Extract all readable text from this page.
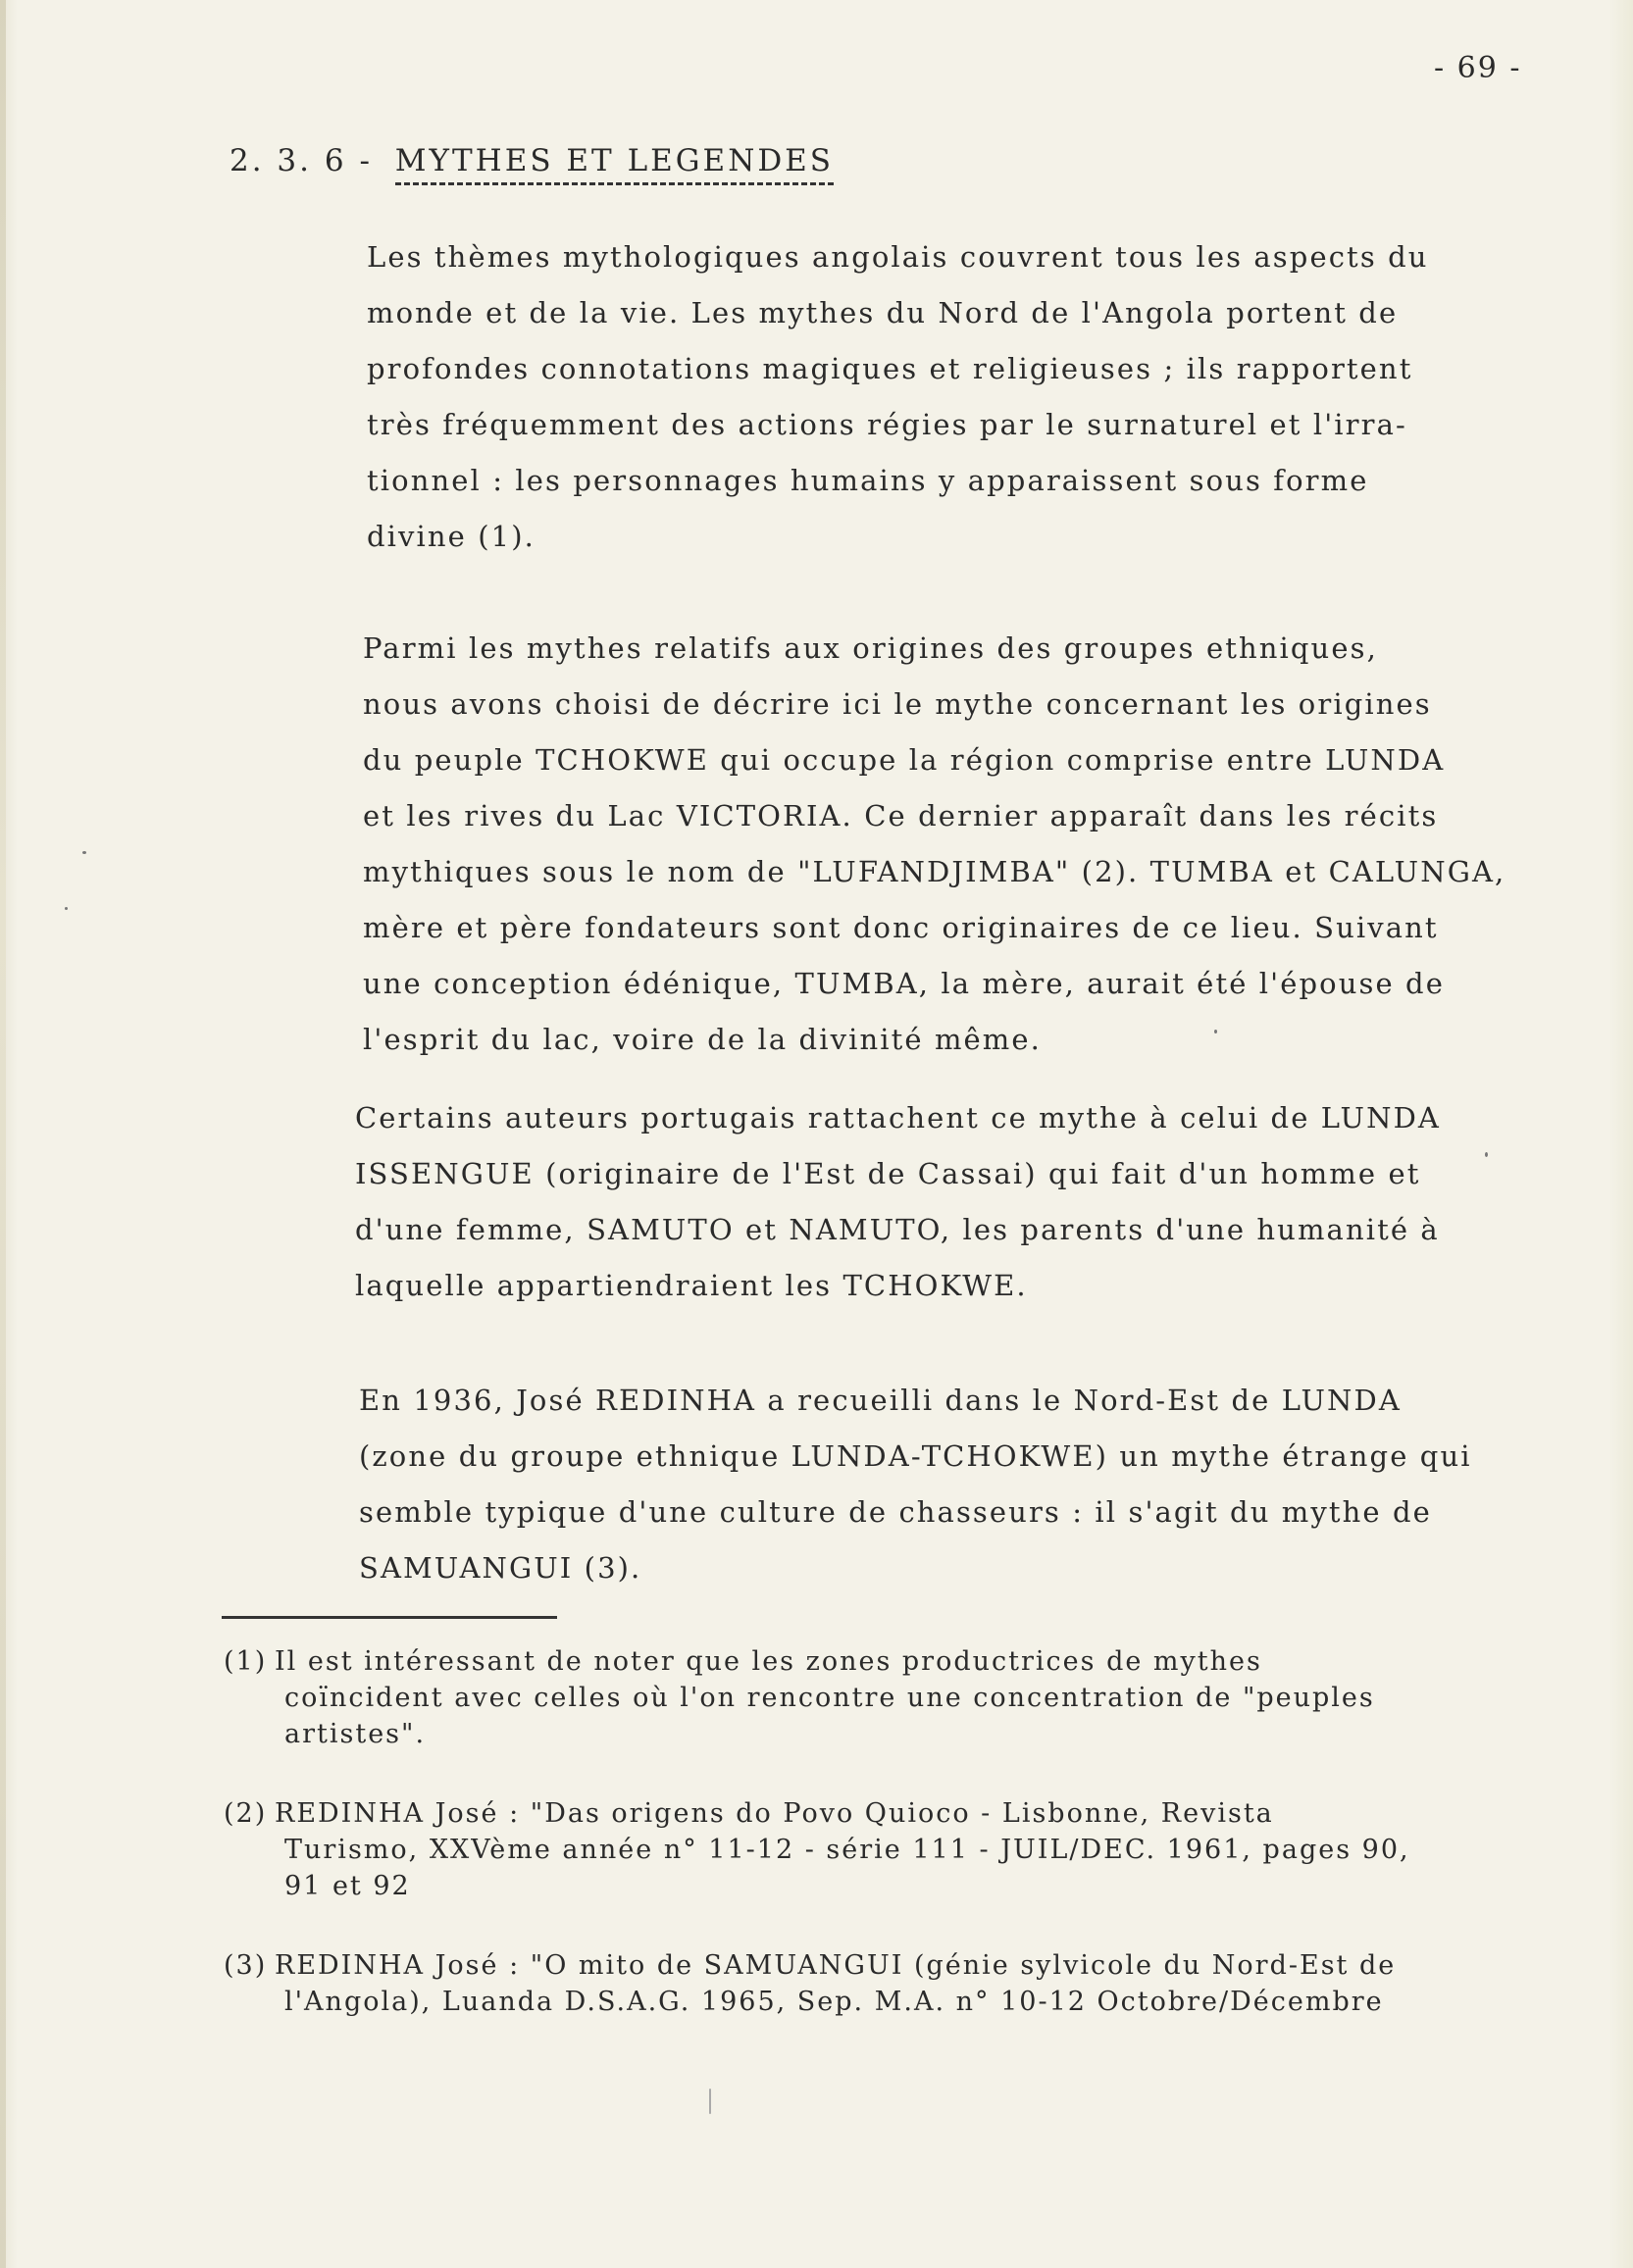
- 69 -
2. 3. 6 - MYTHES ET LEGENDES
Les thèmes mythologiques angolais couvrent tous les aspects du
monde et de la vie. Les mythes du Nord de l'Angola portent de
profondes connotations magiques et religieuses ; ils rapportent
très fréquemment des actions régies par le surnaturel et l'irra-
tionnel : les personnages humains y apparaissent sous forme
divine (1).
Parmi les mythes relatifs aux origines des groupes ethniques,
nous avons choisi de décrire ici le mythe concernant les origines
du peuple TCHOKWE qui occupe la région comprise entre LUNDA
et les rives du Lac VICTORIA. Ce dernier apparaît dans les récits
mythiques sous le nom de "LUFANDJIMBA" (2). TUMBA et CALUNGA,
mère et père fondateurs sont donc originaires de ce lieu. Suivant
une conception édénique, TUMBA, la mère, aurait été l'épouse de
l'esprit du lac, voire de la divinité même.
Certains auteurs portugais rattachent ce mythe à celui de LUNDA
ISSENGUE (originaire de l'Est de Cassai) qui fait d'un homme et
d'une femme, SAMUTO et NAMUTO, les parents d'une humanité à
laquelle appartiendraient les TCHOKWE.
En 1936, José REDINHA a recueilli dans le Nord-Est de LUNDA
(zone du groupe ethnique LUNDA-TCHOKWE) un mythe étrange qui
semble typique d'une culture de chasseurs : il s'agit du mythe de
SAMUANGUI (3).
(1) Il est intéressant de noter que les zones productrices de mythes
coïncident avec celles où l'on rencontre une concentration de "peuples
artistes".
(2) REDINHA José : "Das origens do Povo Quioco - Lisbonne, Revista
Turismo, XXVème année n° 11-12 - série 111 - JUIL/DEC. 1961, pages 90,
91 et 92
(3) REDINHA José : "O mito de SAMUANGUI (génie sylvicole du Nord-Est de
l'Angola), Luanda D.S.A.G. 1965, Sep. M.A. n° 10-12 Octobre/Décembre
